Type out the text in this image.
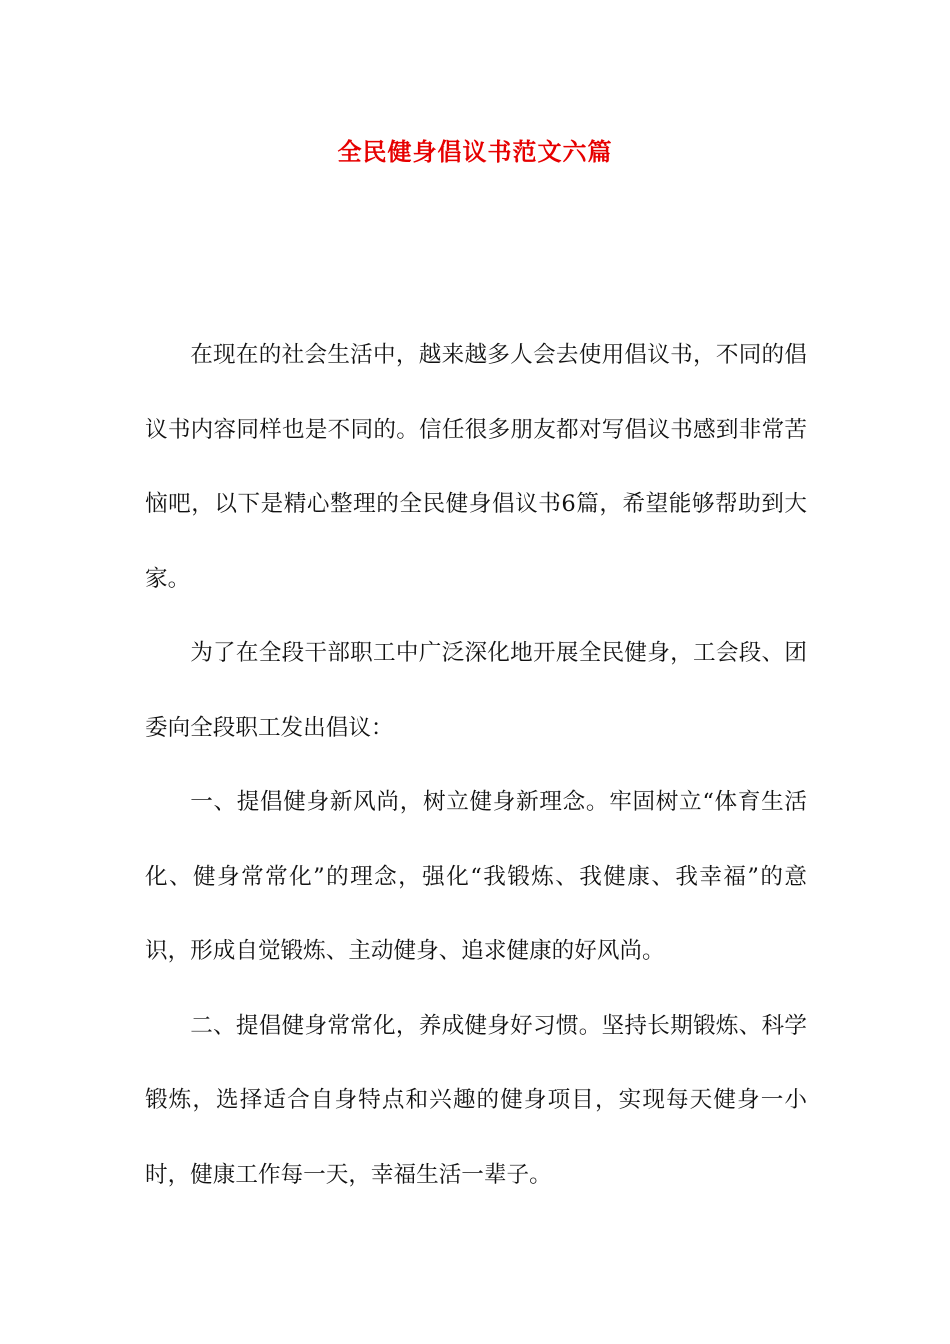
全民健身倡议书范文六篇

在现在的社会生活中，越来越多人会去使用倡议书，不同的倡议书内容同样也是不同的。信任很多朋友都对写倡议书感到非常苦恼吧，以下是精心整理的全民健身倡议书6篇，希望能够帮助到大家。

为了在全段干部职工中广泛深化地开展全民健身，工会段、团委向全段职工发出倡议：

一、提倡健身新风尚，树立健身新理念。牢固树立“体育生活化、健身常常化”的理念，强化“我锻炼、我健康、我幸福”的意识，形成自觉锻炼、主动健身、追求健康的好风尚。

二、提倡健身常常化，养成健身好习惯。坚持长期锻炼、科学锻炼，选择适合自身特点和兴趣的健身项目，实现每天健身一小时，健康工作每一天，幸福生活一辈子。
